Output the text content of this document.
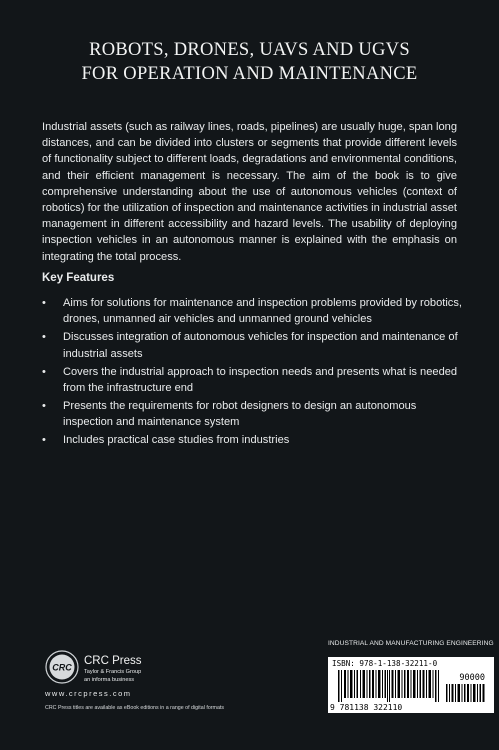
ROBOTS, DRONES, UAVS AND UGVS
FOR OPERATION AND MAINTENANCE

Industrial assets (such as railway lines, roads, pipelines) are usually huge, span long distances, and can be divided into clusters or segments that provide different levels of functionality subject to different loads, degradations and environmental conditions, and their efficient management is necessary. The aim of the book is to give comprehensive understanding about the use of autonomous vehicles (context of robotics) for the utilization of inspection and maintenance activities in industrial asset management in different accessibility and hazard levels. The usability of deploying inspection vehicles in an autonomous manner is explained with the emphasis on integrating the total process.

Key Features

• Aims for solutions for maintenance and inspection problems provided by robotics, drones, unmanned air vehicles and unmanned ground vehicles
• Discusses integration of autonomous vehicles for inspection and maintenance of industrial assets
• Covers the industrial approach to inspection needs and presents what is needed from the infrastructure end
• Presents the requirements for robot designers to design an autonomous inspection and maintenance system
• Includes practical case studies from industries
INDUSTRIAL AND MANUFACTURING ENGINEERING
ISBN: 978-1-138-32211-0
90000
9 781138 322110
CRC
CRC Press
Taylor & Francis Group
an informa business
www.crcpress.com
CRC Press titles are available as eBook editions in a range of digital formats
